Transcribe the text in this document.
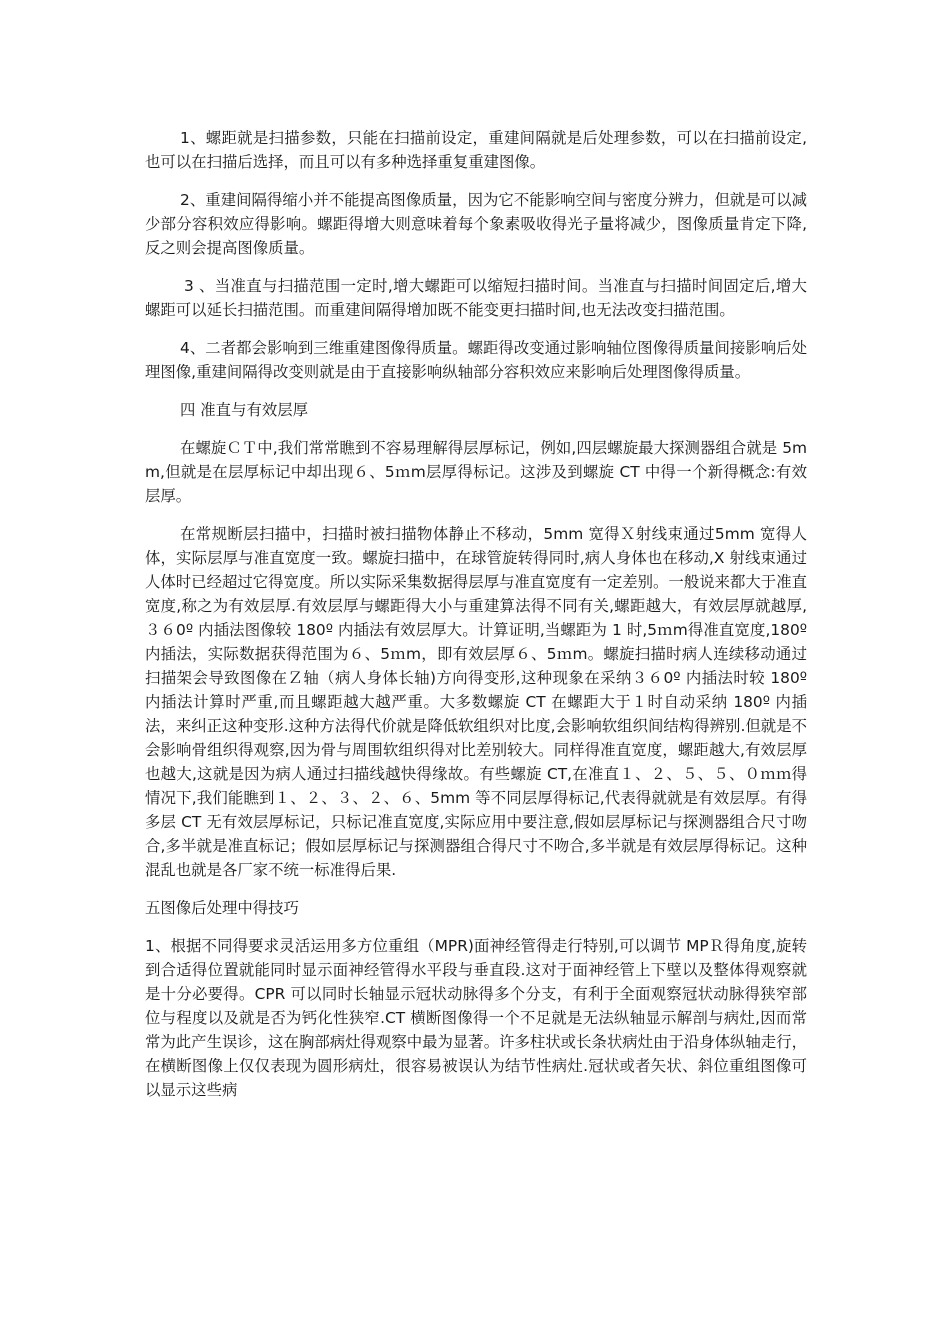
1、螺距就是扫描参数，只能在扫描前设定，重建间隔就是后处理参数，可以在扫描前设定,也可以在扫描后选择，而且可以有多种选择重复重建图像。

2、重建间隔得缩小并不能提高图像质量，因为它不能影响空间与密度分辨力，但就是可以减少部分容积效应得影响。螺距得增大则意味着每个象素吸收得光子量将减少，图像质量肯定下降,反之则会提高图像质量。

3 、当准直与扫描范围一定时,增大螺距可以缩短扫描时间。当准直与扫描时间固定后,增大螺距可以延长扫描范围。而重建间隔得增加既不能变更扫描时间,也无法改变扫描范围。

4、二者都会影响到三维重建图像得质量。螺距得改变通过影响轴位图像得质量间接影响后处理图像,重建间隔得改变则就是由于直接影响纵轴部分容积效应来影响后处理图像得质量。

四 准直与有效层厚

在螺旋ＣＴ中,我们常常瞧到不容易理解得层厚标记，例如,四层螺旋最大探测器组合就是 5mm,但就是在层厚标记中却出现６、5ｍm层厚得标记。这涉及到螺旋 CT 中得一个新得概念:有效层厚。

在常规断层扫描中，扫描时被扫描物体静止不移动，5mm 宽得Ｘ射线束通过5mm 宽得人体，实际层厚与准直宽度一致。螺旋扫描中，在球管旋转得同时,病人身体也在移动,X 射线束通过人体时已经超过它得宽度。所以实际采集数据得层厚与准直宽度有一定差别。一般说来都大于准直宽度,称之为有效层厚.有效层厚与螺距得大小与重建算法得不同有关,螺距越大，有效层厚就越厚,３６0º 内插法图像较 180º 内插法有效层厚大。计算证明,当螺距为 1 时,5ｍm得准直宽度,180º 内插法，实际数据获得范围为６、5ｍm，即有效层厚６、5ｍm。螺旋扫描时病人连续移动通过扫描架会导致图像在Ｚ轴（病人身体长轴)方向得变形,这种现象在采纳３６0º 内插法时较 180º 内插法计算时严重,而且螺距越大越严重。大多数螺旋 CT 在螺距大于１时自动采纳 180º 内插法，来纠正这种变形.这种方法得代价就是降低软组织对比度,会影响软组织间结构得辨别.但就是不会影响骨组织得观察,因为骨与周围软组织得对比差别较大。同样得准直宽度，螺距越大,有效层厚也越大,这就是因为病人通过扫描线越快得缘故。有些螺旋 CT,在准直１、２、５、５、０ｍｍ得情况下,我们能瞧到１、２、３、２、６、5mm 等不同层厚得标记,代表得就就是有效层厚。有得多层 CT 无有效层厚标记，只标记准直宽度,实际应用中要注意,假如层厚标记与探测器组合尺寸吻合,多半就是准直标记；假如层厚标记与探测器组合得尺寸不吻合,多半就是有效层厚得标记。这种混乱也就是各厂家不统一标准得后果.

五图像后处理中得技巧

1、根据不同得要求灵活运用多方位重组（MPR)面神经管得走行特别,可以调节 MPＲ得角度,旋转到合适得位置就能同时显示面神经管得水平段与垂直段.这对于面神经管上下壁以及整体得观察就是十分必要得。CPR 可以同时长轴显示冠状动脉得多个分支，有利于全面观察冠状动脉得狭窄部位与程度以及就是否为钙化性狭窄.CT 横断图像得一个不足就是无法纵轴显示解剖与病灶,因而常常为此产生误诊，这在胸部病灶得观察中最为显著。许多柱状或长条状病灶由于沿身体纵轴走行，在横断图像上仅仅表现为圆形病灶，很容易被误认为结节性病灶.冠状或者矢状、斜位重组图像可以显示这些病
